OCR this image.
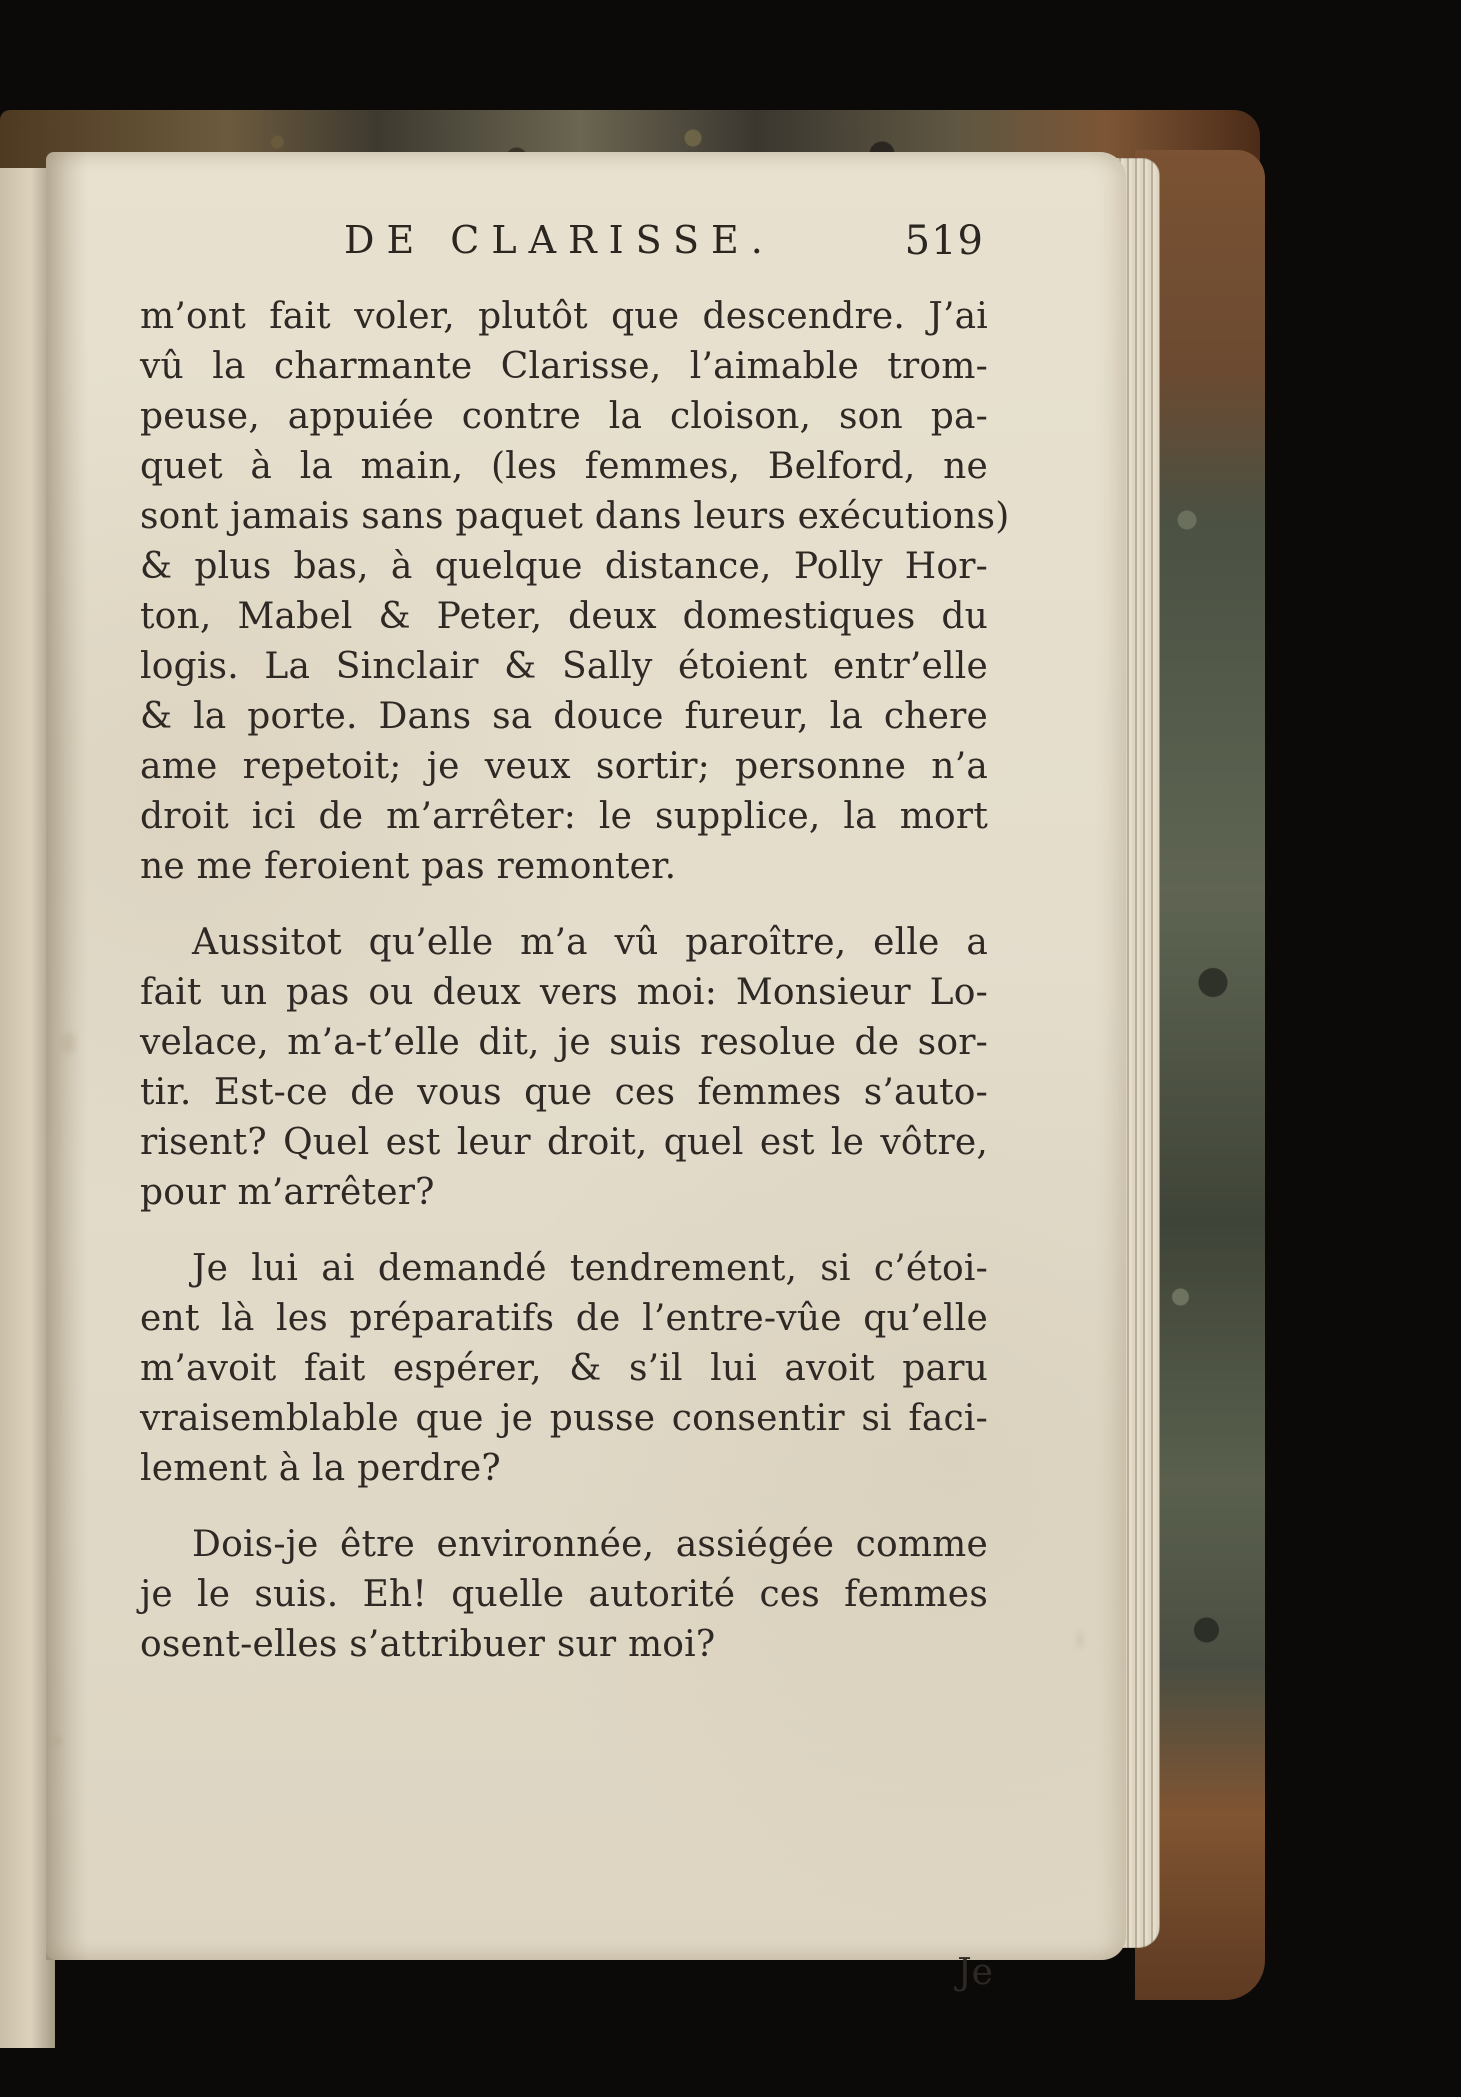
DE CLARISSE.	519
m’ont fait voler, plutôt que descendre. J’ai
vû la charmante Clarisse, l’aimable trom-
peuse, appuiée contre la cloison, son pa-
quet à la main, (les femmes, Belford, ne
sont jamais sans paquet dans leurs exécutions)
& plus bas, à quelque distance, Polly Hor-
ton, Mabel & Peter, deux domestiques du
logis. La Sinclair & Sally étoient entr’elle
& la porte. Dans sa douce fureur, la chere
ame repetoit; je veux sortir; personne n’a
droit ici de m’arrêter: le supplice, la mort
ne me feroient pas remonter.
Aussitot qu’elle m’a vû paroître, elle a
fait un pas ou deux vers moi: Monsieur Lo-
velace, m’a-t’elle dit, je suis resolue de sor-
tir. Est-ce de vous que ces femmes s’auto-
risent? Quel est leur droit, quel est le vôtre,
pour m’arrêter?
Je lui ai demandé tendrement, si c’étoi-
ent là les préparatifs de l’entre-vûe qu’elle
m’avoit fait espérer, & s’il lui avoit paru
vraisemblable que je pusse consentir si faci-
lement à la perdre?
Dois-je être environnée, assiégée comme
je le suis. Eh! quelle autorité ces femmes
osent-elles s’attribuer sur moi?
Je
